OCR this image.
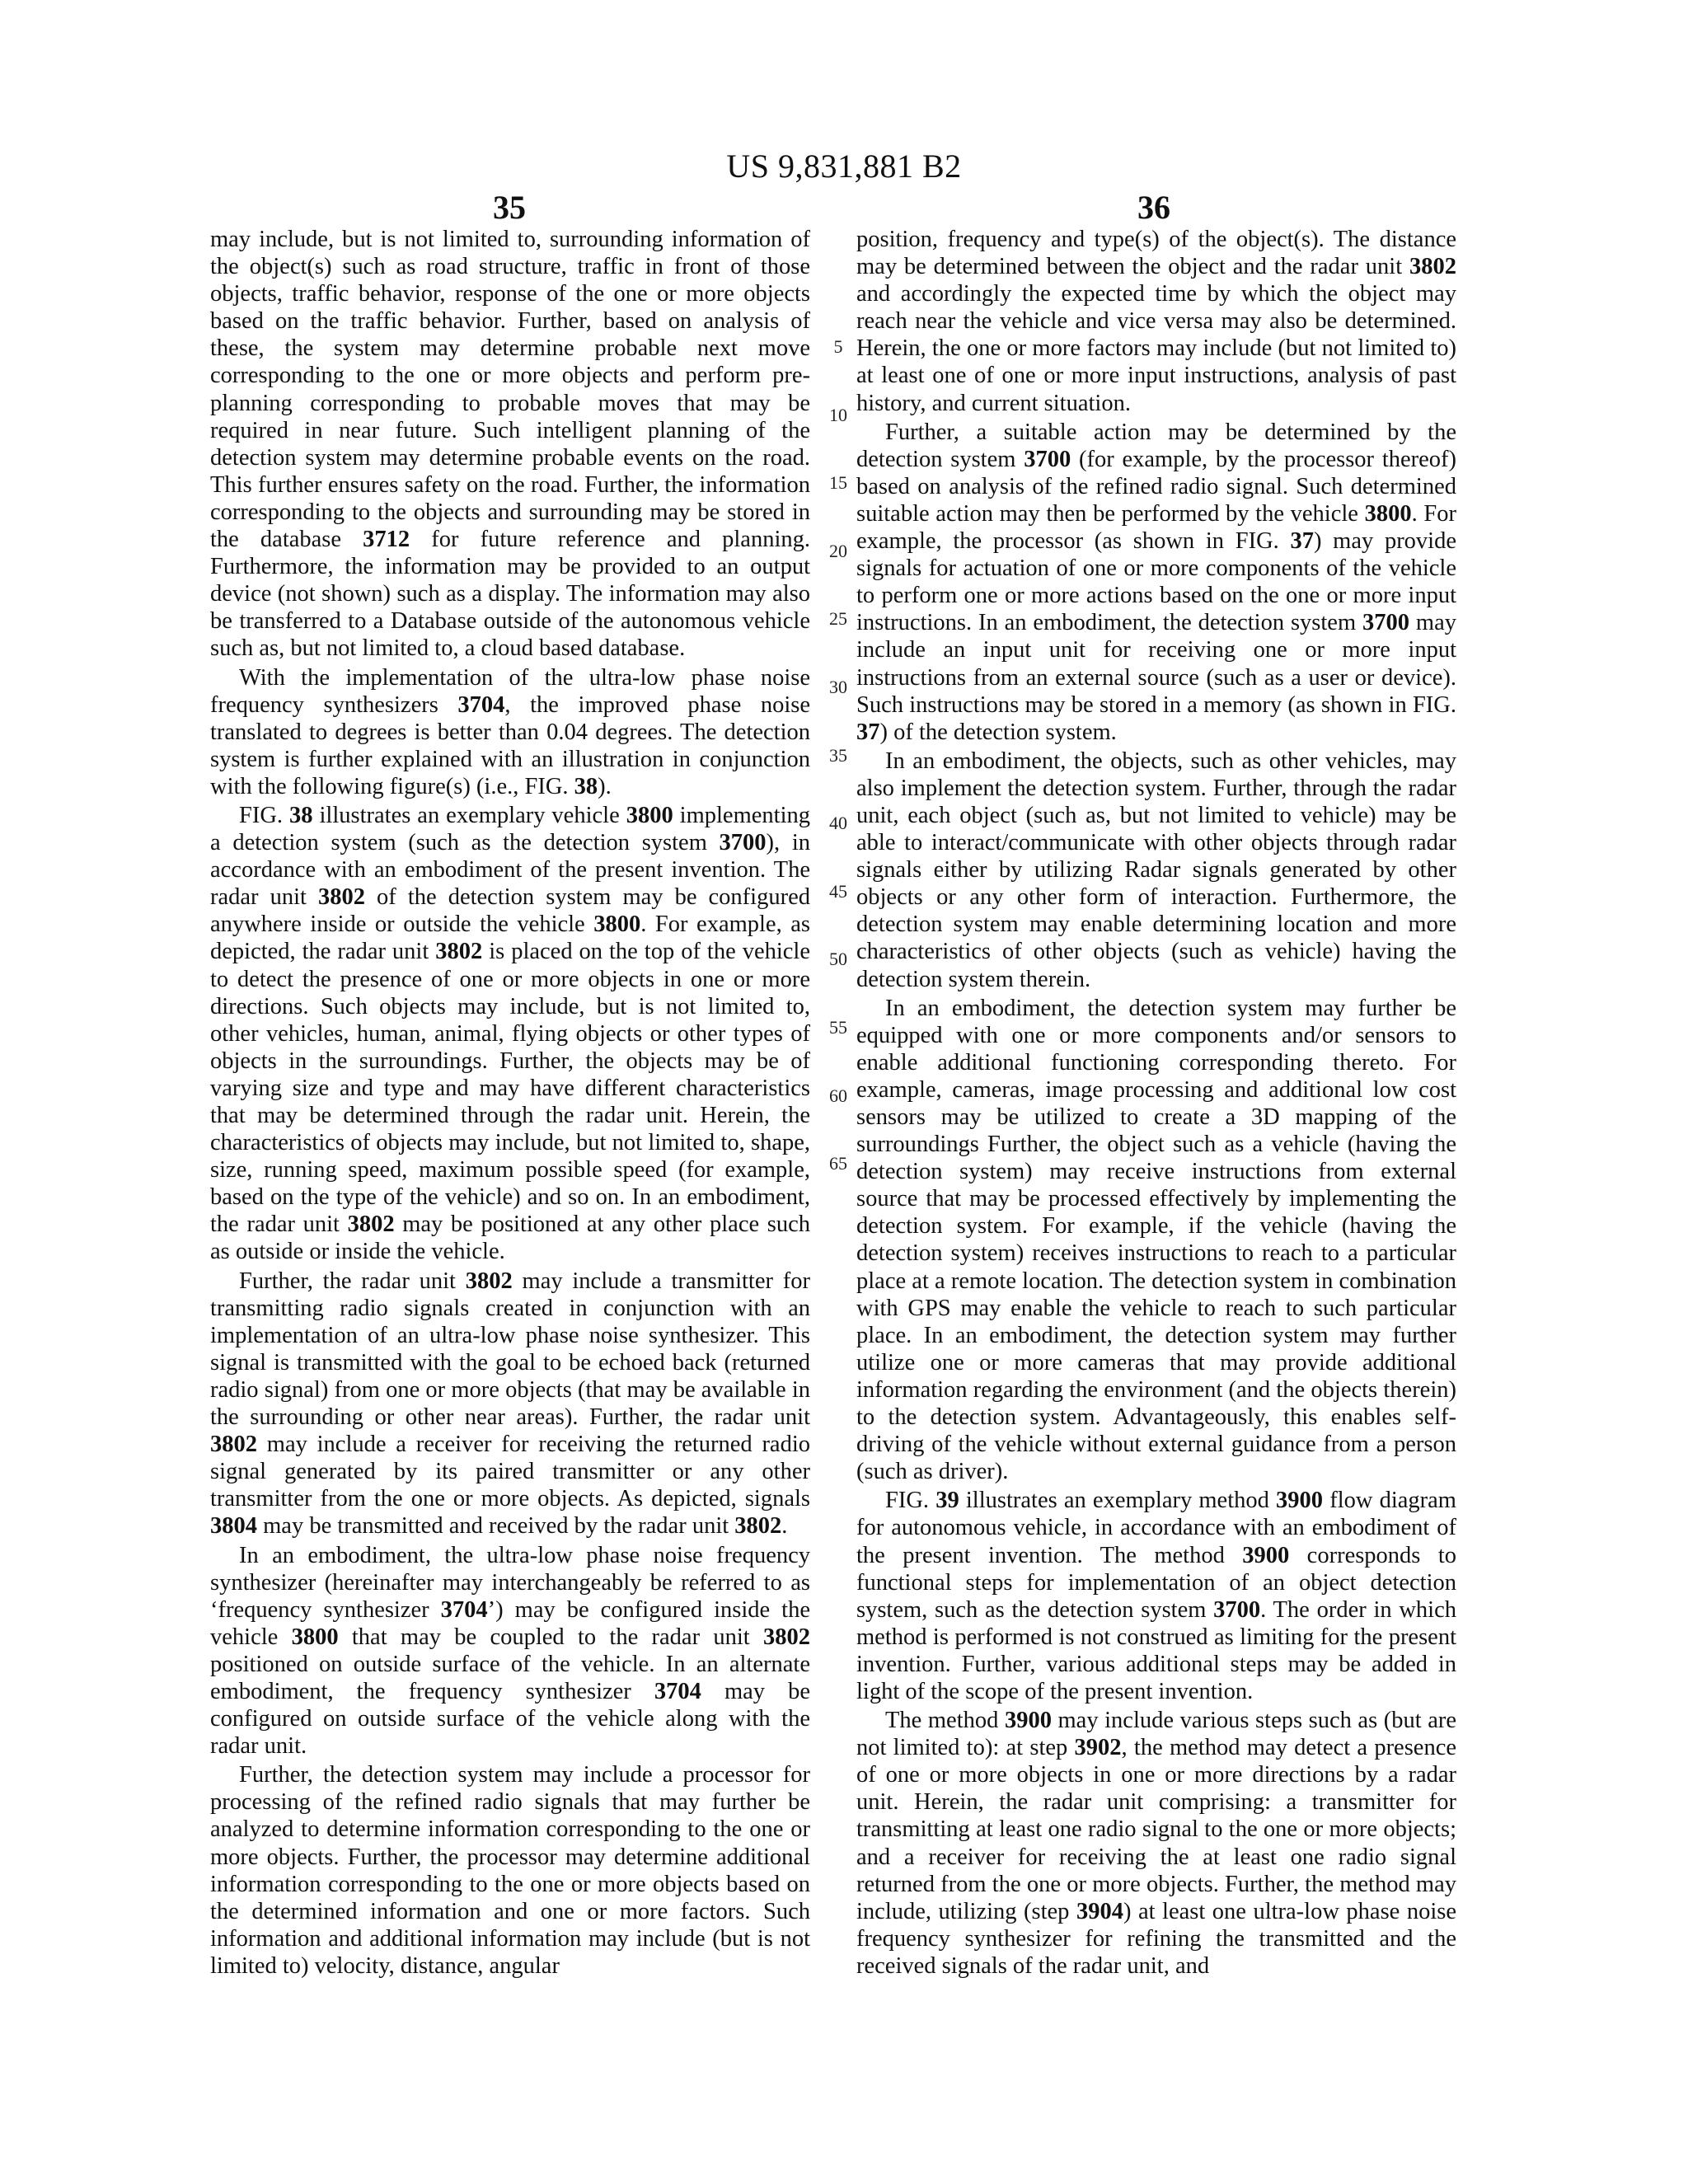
US 9,831,881 B2
35	36

may include, but is not limited to, surrounding information of the object(s) such as road structure, traffic in front of those objects, traffic behavior, response of the one or more objects based on the traffic behavior. Further, based on analysis of these, the system may determine probable next move corresponding to the one or more objects and perform pre-planning corresponding to probable moves that may be required in near future. Such intelligent planning of the detection system may determine probable events on the road. This further ensures safety on the road. Further, the information corresponding to the objects and surrounding may be stored in the database 3712 for future reference and planning. Furthermore, the information may be provided to an output device (not shown) such as a display. The information may also be transferred to a Database outside of the autonomous vehicle such as, but not limited to, a cloud based database.

With the implementation of the ultra-low phase noise frequency synthesizers 3704, the improved phase noise translated to degrees is better than 0.04 degrees. The detection system is further explained with an illustration in conjunction with the following figure(s) (i.e., FIG. 38).

FIG. 38 illustrates an exemplary vehicle 3800 implementing a detection system (such as the detection system 3700), in accordance with an embodiment of the present invention. The radar unit 3802 of the detection system may be configured anywhere inside or outside the vehicle 3800. For example, as depicted, the radar unit 3802 is placed on the top of the vehicle to detect the presence of one or more objects in one or more directions. Such objects may include, but is not limited to, other vehicles, human, animal, flying objects or other types of objects in the surroundings. Further, the objects may be of varying size and type and may have different characteristics that may be determined through the radar unit. Herein, the characteristics of objects may include, but not limited to, shape, size, running speed, maximum possible speed (for example, based on the type of the vehicle) and so on. In an embodiment, the radar unit 3802 may be positioned at any other place such as outside or inside the vehicle.

Further, the radar unit 3802 may include a transmitter for transmitting radio signals created in conjunction with an implementation of an ultra-low phase noise synthesizer. This signal is transmitted with the goal to be echoed back (returned radio signal) from one or more objects (that may be available in the surrounding or other near areas). Further, the radar unit 3802 may include a receiver for receiving the returned radio signal generated by its paired transmitter or any other transmitter from the one or more objects. As depicted, signals 3804 may be transmitted and received by the radar unit 3802.

In an embodiment, the ultra-low phase noise frequency synthesizer (hereinafter may interchangeably be referred to as ‘frequency synthesizer 3704’) may be configured inside the vehicle 3800 that may be coupled to the radar unit 3802 positioned on outside surface of the vehicle. In an alternate embodiment, the frequency synthesizer 3704 may be configured on outside surface of the vehicle along with the radar unit.

Further, the detection system may include a processor for processing of the refined radio signals that may further be analyzed to determine information corresponding to the one or more objects. Further, the processor may determine additional information corresponding to the one or more objects based on the determined information and one or more factors. Such information and additional information may include (but is not limited to) velocity, distance, angular

position, frequency and type(s) of the object(s). The distance may be determined between the object and the radar unit 3802 and accordingly the expected time by which the object may reach near the vehicle and vice versa may also be determined. Herein, the one or more factors may include (but not limited to) at least one of one or more input instructions, analysis of past history, and current situation.

Further, a suitable action may be determined by the detection system 3700 (for example, by the processor thereof) based on analysis of the refined radio signal. Such determined suitable action may then be performed by the vehicle 3800. For example, the processor (as shown in FIG. 37) may provide signals for actuation of one or more components of the vehicle to perform one or more actions based on the one or more input instructions. In an embodiment, the detection system 3700 may include an input unit for receiving one or more input instructions from an external source (such as a user or device). Such instructions may be stored in a memory (as shown in FIG. 37) of the detection system.

In an embodiment, the objects, such as other vehicles, may also implement the detection system. Further, through the radar unit, each object (such as, but not limited to vehicle) may be able to interact/communicate with other objects through radar signals either by utilizing Radar signals generated by other objects or any other form of interaction. Furthermore, the detection system may enable determining location and more characteristics of other objects (such as vehicle) having the detection system therein.

In an embodiment, the detection system may further be equipped with one or more components and/or sensors to enable additional functioning corresponding thereto. For example, cameras, image processing and additional low cost sensors may be utilized to create a 3D mapping of the surroundings Further, the object such as a vehicle (having the detection system) may receive instructions from external source that may be processed effectively by implementing the detection system. For example, if the vehicle (having the detection system) receives instructions to reach to a particular place at a remote location. The detection system in combination with GPS may enable the vehicle to reach to such particular place. In an embodiment, the detection system may further utilize one or more cameras that may provide additional information regarding the environment (and the objects therein) to the detection system. Advantageously, this enables self-driving of the vehicle without external guidance from a person (such as driver).

FIG. 39 illustrates an exemplary method 3900 flow diagram for autonomous vehicle, in accordance with an embodiment of the present invention. The method 3900 corresponds to functional steps for implementation of an object detection system, such as the detection system 3700. The order in which method is performed is not construed as limiting for the present invention. Further, various additional steps may be added in light of the scope of the present invention.

The method 3900 may include various steps such as (but are not limited to): at step 3902, the method may detect a presence of one or more objects in one or more directions by a radar unit. Herein, the radar unit comprising: a transmitter for transmitting at least one radio signal to the one or more objects; and a receiver for receiving the at least one radio signal returned from the one or more objects. Further, the method may include, utilizing (step 3904) at least one ultra-low phase noise frequency synthesizer for refining the transmitted and the received signals of the radar unit, and

5
10
15
20
25
30
35
40
45
50
55
60
65
